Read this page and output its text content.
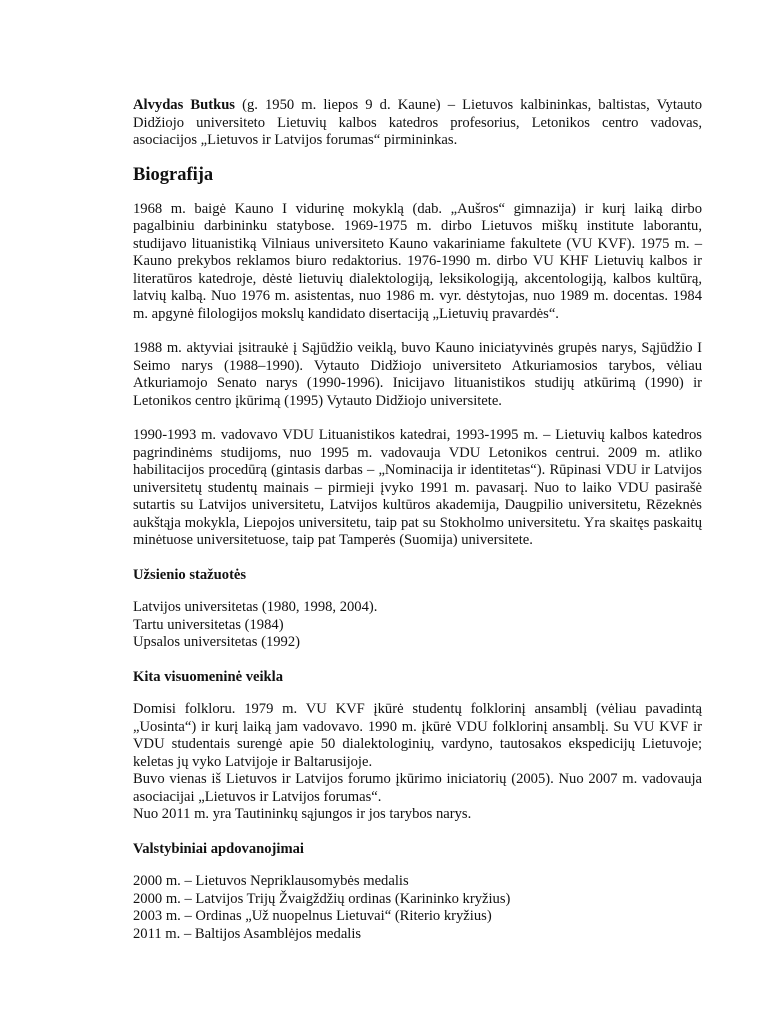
Alvydas Butkus (g. 1950 m. liepos 9 d. Kaune) – Lietuvos kalbininkas, baltistas, Vytauto Didžiojo universiteto Lietuvių kalbos katedros profesorius, Letonikos centro vadovas, asociacijos „Lietuvos ir Latvijos forumas“ pirmininkas.

Biografija

1968 m. baigė Kauno I vidurinę mokyklą (dab. „Aušros“ gimnazija) ir kurį laiką dirbo pagalbiniu darbininku statybose. 1969-1975 m. dirbo Lietuvos miškų institute laborantu, studijavo lituanistiką Vilniaus universiteto Kauno vakariniame fakultete (VU KVF). 1975 m. – Kauno prekybos reklamos biuro redaktorius. 1976-1990 m. dirbo VU KHF Lietuvių kalbos ir literatūros katedroje, dėstė lietuvių dialektologiją, leksikologiją, akcentologiją, kalbos kultūrą, latvių kalbą. Nuo 1976 m. asistentas, nuo 1986 m. vyr. dėstytojas, nuo 1989 m. docentas. 1984 m. apgynė filologijos mokslų kandidato disertaciją „Lietuvių pravardės“.

1988 m. aktyviai įsitraukė į Sąjūdžio veiklą, buvo Kauno iniciatyvinės grupės narys, Sąjūdžio I Seimo narys (1988–1990). Vytauto Didžiojo universiteto Atkuriamosios tarybos, vėliau Atkuriamojo Senato narys (1990-1996). Inicijavo lituanistikos studijų atkūrimą (1990) ir Letonikos centro įkūrimą (1995) Vytauto Didžiojo universitete.

1990-1993 m. vadovavo VDU Lituanistikos katedrai, 1993-1995 m. – Lietuvių kalbos katedros pagrindinėms studijoms, nuo 1995 m. vadovauja VDU Letonikos centrui. 2009 m. atliko habilitacijos procedūrą (gintasis darbas – „Nominacija ir identitetas“). Rūpinasi VDU ir Latvijos universitetų studentų mainais – pirmieji įvyko 1991 m. pavasarį. Nuo to laiko VDU pasirašė sutartis su Latvijos universitetu, Latvijos kultūros akademija, Daugpilio universitetu, Rēzeknės aukštąja mokykla, Liepojos universitetu, taip pat su Stokholmo universitetu. Yra skaitęs paskaitų minėtuose universitetuose, taip pat Tamperės (Suomija) universitete.

Užsienio stažuotės
Latvijos universitetas (1980, 1998, 2004).
Tartu universitetas (1984)
Upsalos universitetas (1992)
Kita visuomeninė veikla

Domisi folkloru. 1979 m. VU KVF įkūrė studentų folklorinį ansamblį (vėliau pavadintą „Uosinta“) ir kurį laiką jam vadovavo. 1990 m. įkūrė VDU folklorinį ansamblį. Su VU KVF ir VDU studentais surengė apie 50 dialektologinių, vardyno, tautosakos ekspedicijų Lietuvoje; keletas jų vyko Latvijoje ir Baltarusijoje.

Buvo vienas iš Lietuvos ir Latvijos forumo įkūrimo iniciatorių (2005). Nuo 2007 m. vadovauja asociacijai „Lietuvos ir Latvijos forumas“.

Nuo 2011 m. yra Tautininkų sąjungos ir jos tarybos narys.

Valstybiniai apdovanojimai
2000 m. – Lietuvos Nepriklausomybės medalis
2000 m. – Latvijos Trijų Žvaigždžių ordinas (Karininko kryžius)
2003 m. – Ordinas „Už nuopelnus Lietuvai“ (Riterio kryžius)
2011 m. – Baltijos Asamblėjos medalis
